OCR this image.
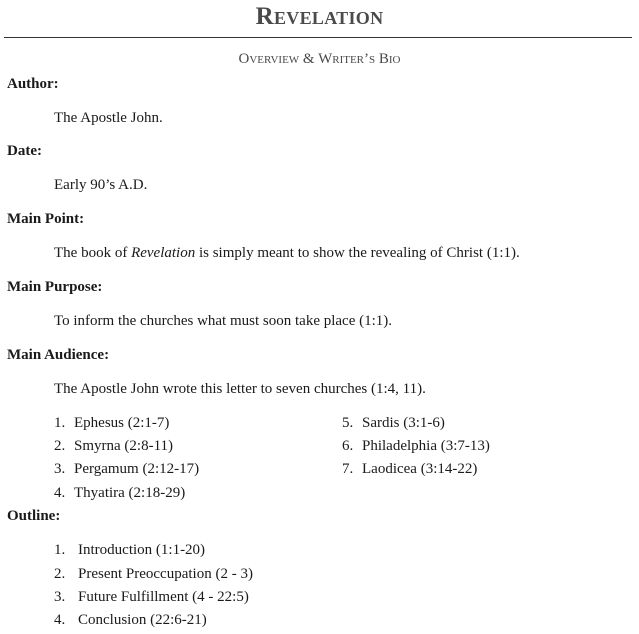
Revelation
Overview & Writer’s Bio
Author:
The Apostle John.
Date:
Early 90’s A.D.
Main Point:
The book of Revelation is simply meant to show the revealing of Christ (1:1).
Main Purpose:
To inform the churches what must soon take place (1:1).
Main Audience:
The Apostle John wrote this letter to seven churches (1:4, 11).
1. Ephesus (2:1-7)
2. Smyrna (2:8-11)
3. Pergamum (2:12-17)
4. Thyatira (2:18-29)
5. Sardis (3:1-6)
6. Philadelphia (3:7-13)
7. Laodicea (3:14-22)
Outline:
1. Introduction (1:1-20)
2. Present Preoccupation (2 - 3)
3. Future Fulfillment (4 - 22:5)
4. Conclusion (22:6-21)
